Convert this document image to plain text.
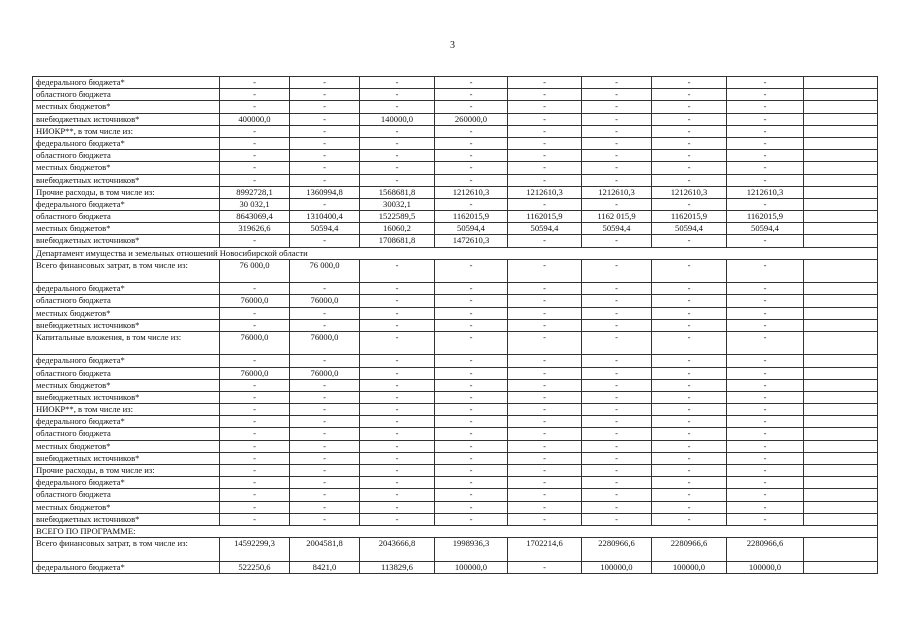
3
федерального бюджета*	-	-	-	-	-	-	-	-	
областного бюджета	-	-	-	-	-	-	-	-	
местных бюджетов*	-	-	-	-	-	-	-	-	
внебюджетных источников*	400000,0	-	140000,0	260000,0	-	-	-	-	
НИОКР**, в том числе из:	-	-	-	-	-	-	-	-	
федерального бюджета*	-	-	-	-	-	-	-	-	
областного бюджета	-	-	-	-	-	-	-	-	
местных бюджетов*	-	-	-	-	-	-	-	-	
внебюджетных источников*	-	-	-	-	-	-	-	-	
Прочие расходы, в том числе из:	8992728,1	1360994,8	1568681,8	1212610,3	1212610,3	1212610,3	1212610,3	1212610,3	
федерального бюджета*	30 032,1	-	30032,1	-	-	-	-	-	
областного бюджета	8643069,4	1310400,4	1522589,5	1162015,9	1162015,9	1162 015,9	1162015,9	1162015,9	
местных бюджетов*	319626,6	50594,4	16060,2	50594,4	50594,4	50594,4	50594,4	50594,4	
внебюджетных источников*	-	-	1708681,8	1472610,3	-	-	-	-	
Департамент имущества и земельных отношений Новосибирской области									
Всего финансовых затрат, в том числе из:	76 000,0	76 000,0	-	-	-	-	-	-	
федерального бюджета*	-	-	-	-	-	-	-	-	
областного бюджета	76000,0	76000,0	-	-	-	-	-	-	
местных бюджетов*	-	-	-	-	-	-	-	-	
внебюджетных источников*	-	-	-	-	-	-	-	-	
Капитальные вложения, в том числе из:	76000,0	76000,0	-	-	-	-	-	-	
федерального бюджета*	-	-	-	-	-	-	-	-	
областного бюджета	76000,0	76000,0	-	-	-	-	-	-	
местных бюджетов*	-	-	-	-	-	-	-	-	
внебюджетных источников*	-	-	-	-	-	-	-	-	
НИОКР**, в том числе из:	-	-	-	-	-	-	-	-	
федерального бюджета*	-	-	-	-	-	-	-	-	
областного бюджета	-	-	-	-	-	-	-	-	
местных бюджетов*	-	-	-	-	-	-	-	-	
внебюджетных источников*	-	-	-	-	-	-	-	-	
Прочие расходы, в том числе из:	-	-	-	-	-	-	-	-	
федерального бюджета*	-	-	-	-	-	-	-	-	
областного бюджета	-	-	-	-	-	-	-	-	
местных бюджетов*	-	-	-	-	-	-	-	-	
внебюджетных источников*	-	-	-	-	-	-	-	-	
ВСЕГО ПО ПРОГРАММЕ:									
Всего финансовых затрат, в том числе из:	14592299,3	2004581,8	2043666,8	1998936,3	1702214,6	2280966,6	2280966,6	2280966,6	
федерального бюджета*	522250,6	8421,0	113829,6	100000,0	-	100000,0	100000,0	100000,0	
